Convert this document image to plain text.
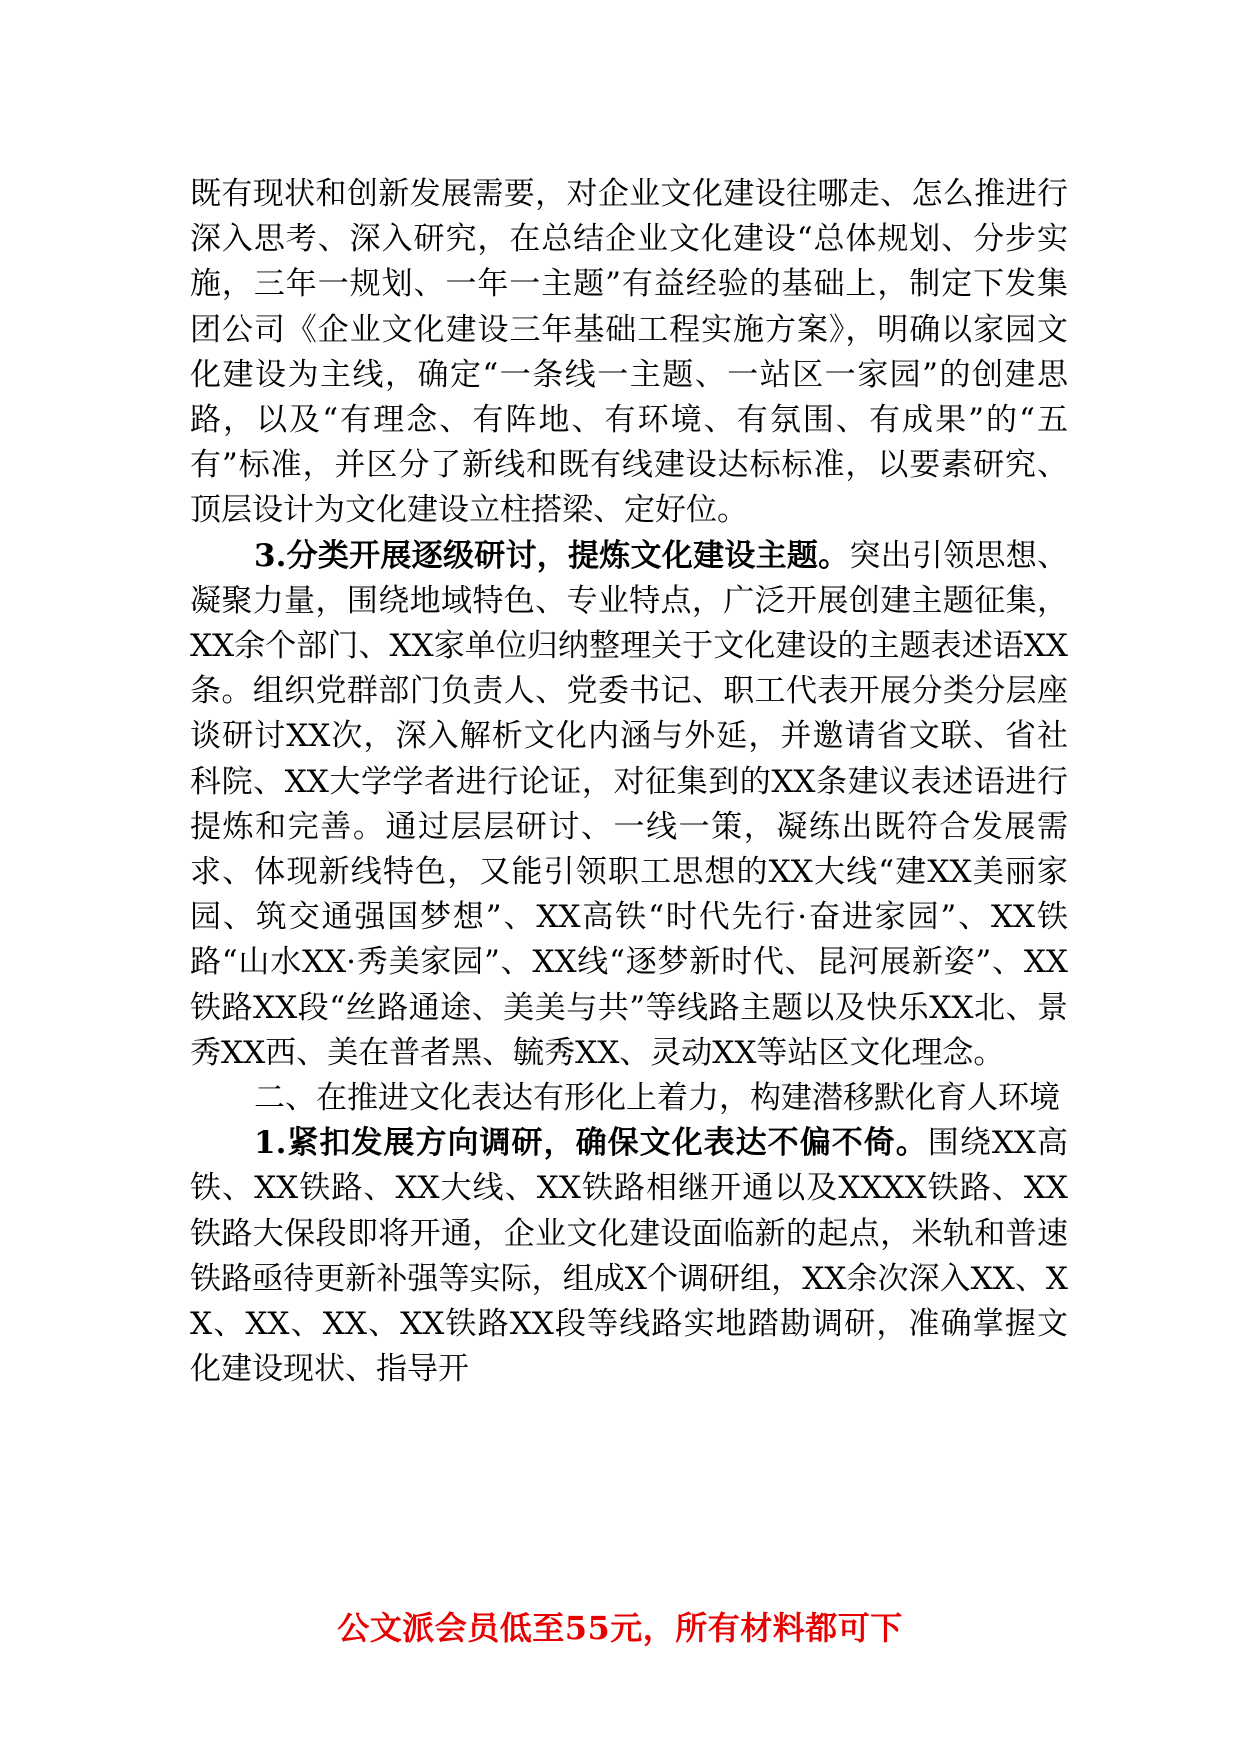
既有现状和创新发展需要，对企业文化建设往哪走、怎么推进行深入思考、深入研究，在总结企业文化建设“总体规划、分步实施，三年一规划、一年一主题”有益经验的基础上，制定下发集团公司《企业文化建设三年基础工程实施方案》，明确以家园文化建设为主线，确定“一条线一主题、一站区一家园”的创建思路，以及“有理念、有阵地、有环境、有氛围、有成果”的“五有”标准，并区分了新线和既有线建设达标标准，以要素研究、顶层设计为文化建设立柱搭梁、定好位。

3.分类开展逐级研讨，提炼文化建设主题。突出引领思想、凝聚力量，围绕地域特色、专业特点，广泛开展创建主题征集，XX余个部门、XX家单位归纳整理关于文化建设的主题表述语XX条。组织党群部门负责人、党委书记、职工代表开展分类分层座谈研讨XX次，深入解析文化内涵与外延，并邀请省文联、省社科院、XX大学学者进行论证，对征集到的XX条建议表述语进行提炼和完善。通过层层研讨、一线一策，凝练出既符合发展需求、体现新线特色，又能引领职工思想的XX大线“建XX美丽家园、筑交通强国梦想”、XX高铁“时代先行·奋进家园”、XX铁路“山水XX·秀美家园”、XX线“逐梦新时代、昆河展新姿”、XX铁路XX段“丝路通途、美美与共”等线路主题以及快乐XX北、景秀XX西、美在普者黑、毓秀XX、灵动XX等站区文化理念。

二、在推进文化表达有形化上着力，构建潜移默化育人环境

1.紧扣发展方向调研，确保文化表达不偏不倚。围绕XX高铁、XX铁路、XX大线、XX铁路相继开通以及XXXX铁路、XX铁路大保段即将开通，企业文化建设面临新的起点，米轨和普速铁路亟待更新补强等实际，组成X个调研组，XX余次深入XX、XX、XX、XX、XX铁路XX段等线路实地踏勘调研，准确掌握文化建设现状、指导开

公文派会员低至55元，所有材料都可下
